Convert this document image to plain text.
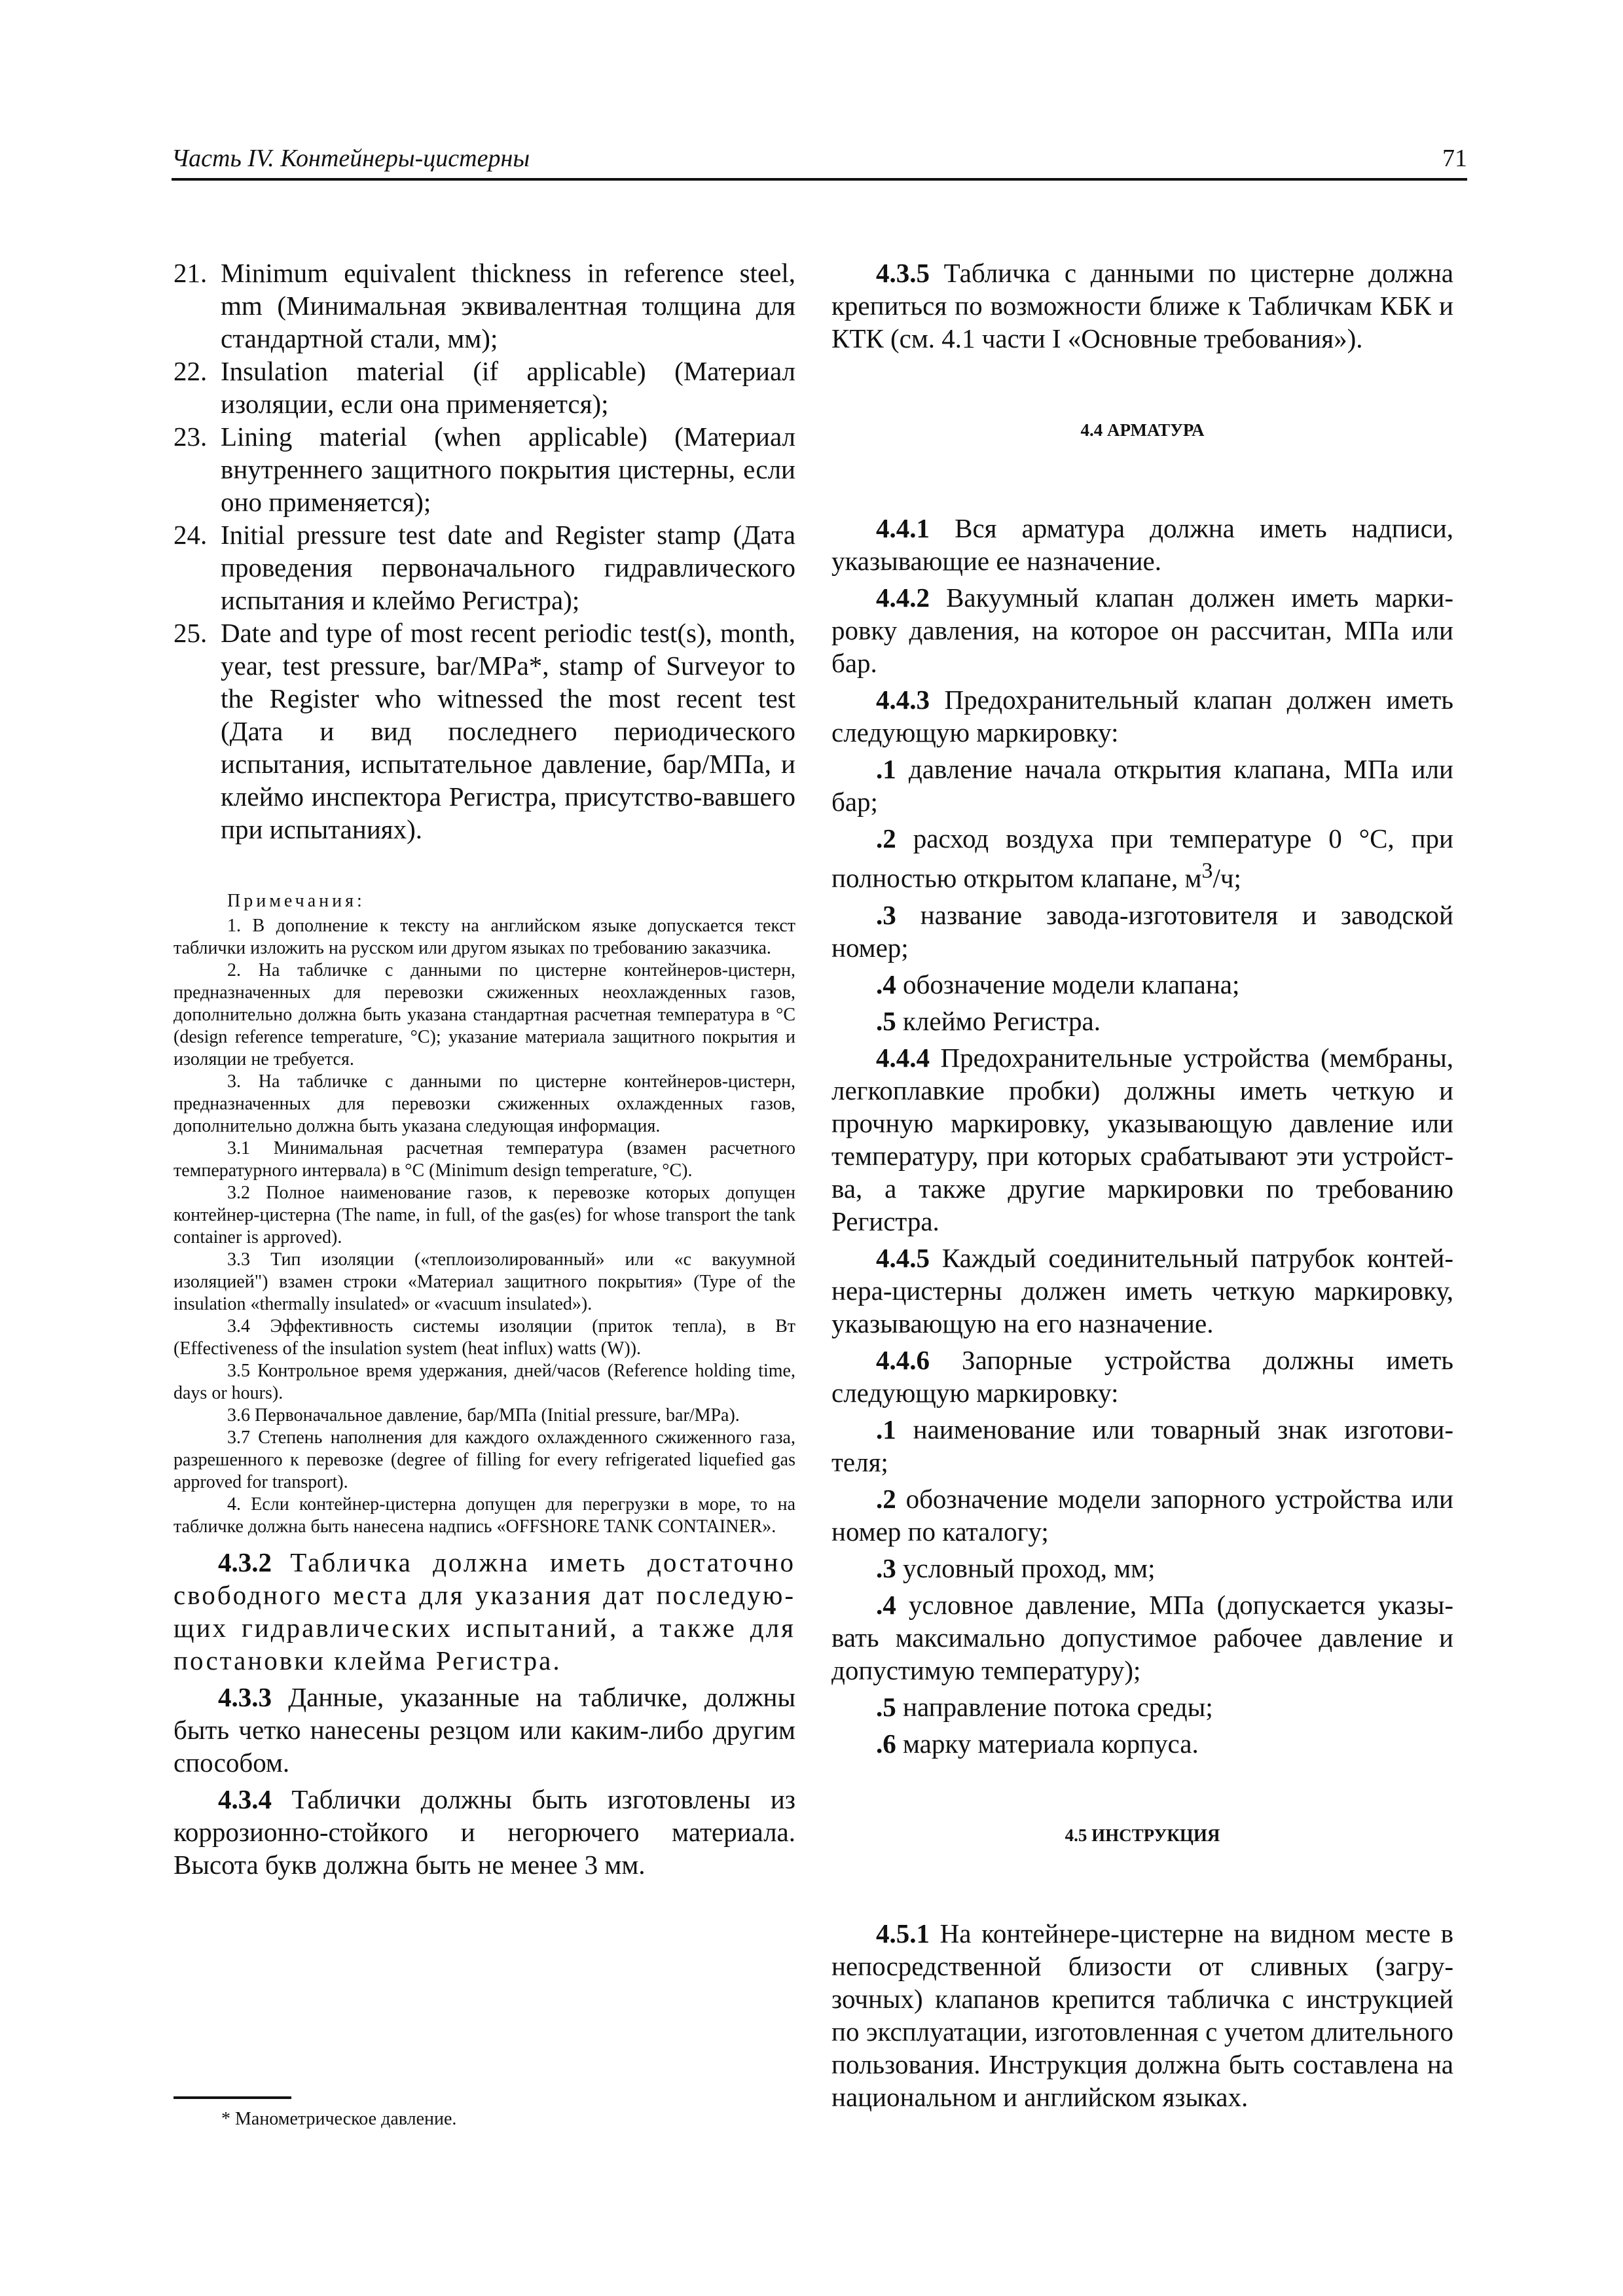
Часть IV. Контейнеры-цистерны	71
21. Minimum equivalent thickness in reference steel, mm (Минимальная эквивалентная толщина для стандартной стали, мм);
22. Insulation material (if applicable) (Материал изоляции, если она применяется);
23. Lining material (when applicable) (Материал внутреннего защитного покрытия цистерны, если оно применяется);
24. Initial pressure test date and Register stamp (Дата проведения первоначального гидравлического испытания и клеймо Регистра);
25. Date and type of most recent periodic test(s), month, year, test pressure, bar/MPa*, stamp of Surveyor to the Register who witnessed the most recent test (Дата и вид последнего периодического испытания, испытательное давление, бар/МПа, и клеймо инспектора Регистра, присутство-вавшего при испытаниях).
Примечания:

1. В дополнение к тексту на английском языке допускается текст таблички изложить на русском или другом языках по требованию заказчика.

2. На табличке с данными по цистерне контейнеров-цистерн, предназначенных для перевозки сжиженных неохлажденных газов, дополнительно должна быть указана стандартная расчетная температура в °C (design reference temperature, °C); указание материала защитного покрытия и изоляции не требуется.

3. На табличке с данными по цистерне контейнеров-цистерн, предназначенных для перевозки сжиженных охлажденных газов, дополнительно должна быть указана следующая информация.

3.1 Минимальная расчетная температура (взамен расчетного температурного интервала) в °C (Minimum design temperature, °C).

3.2 Полное наименование газов, к перевозке которых допущен контейнер-цистерна (The name, in full, of the gas(es) for whose transport the tank container is approved).

3.3 Тип изоляции («теплоизолированный» или «с вакуумной изоляцией") взамен строки «Материал защитного покрытия» (Type of the insulation «thermally insulated» or «vacuum insulated»).

3.4 Эффективность системы изоляции (приток тепла), в Вт (Effectiveness of the insulation system (heat influx) watts (W)).

3.5 Контрольное время удержания, дней/часов (Reference holding time, days or hours).

3.6 Первоначальное давление, бар/МПа (Initial pressure, bar/MPa).

3.7 Степень наполнения для каждого охлажденного сжиженного газа, разрешенного к перевозке (degree of filling for every refrigerated liquefied gas approved for transport).

4. Если контейнер-цистерна допущен для перегрузки в море, то на табличке должна быть нанесена надпись «OFFSHORE TANK CONTAINER».

4.3.2 Табличка должна иметь достаточно свободного места для указания дат последую-щих гидравлических испытаний, а также для постановки клейма Регистра.

4.3.3 Данные, указанные на табличке, должны быть четко нанесены резцом или каким-либо другим способом.

4.3.4 Таблички должны быть изготовлены из коррозионно-стойкого и негорючего материала. Высота букв должна быть не менее 3 мм.

4.3.5 Табличка с данными по цистерне должна крепиться по возможности ближе к Табличкам КБК и КТК (см. 4.1 части I «Основные требования»).

4.4 АРМАТУРА

4.4.1 Вся арматура должна иметь надписи, указывающие ее назначение.

4.4.2 Вакуумный клапан должен иметь марки-ровку давления, на которое он рассчитан, МПа или бар.

4.4.3 Предохранительный клапан должен иметь следующую маркировку:

.1 давление начала открытия клапана, МПа или бар;

.2 расход воздуха при температуре 0 °C, при полностью открытом клапане, $м^3/ч$;

.3 название завода-изготовителя и заводской номер;

.4 обозначение модели клапана;

.5 клеймо Регистра.

4.4.4 Предохранительные устройства (мембраны, легкоплавкие пробки) должны иметь четкую и прочную маркировку, указывающую давление или температуру, при которых срабатывают эти устройст-ва, а также другие маркировки по требованию Регистра.

4.4.5 Каждый соединительный патрубок контей-нера-цистерны должен иметь четкую маркировку, указывающую на его назначение.

4.4.6 Запорные устройства должны иметь следующую маркировку:

.1 наименование или товарный знак изготови-теля;

.2 обозначение модели запорного устройства или номер по каталогу;

.3 условный проход, мм;

.4 условное давление, МПа (допускается указы-вать максимально допустимое рабочее давление и допустимую температуру);

.5 направление потока среды;

.6 марку материала корпуса.

4.5 ИНСТРУКЦИЯ

4.5.1 На контейнере-цистерне на видном месте в непосредственной близости от сливных (загру-зочных) клапанов крепится табличка с инструкцией по эксплуатации, изготовленная с учетом длительного пользования. Инструкция должна быть составлена на национальном и английском языках.

* Манометрическое давление.
